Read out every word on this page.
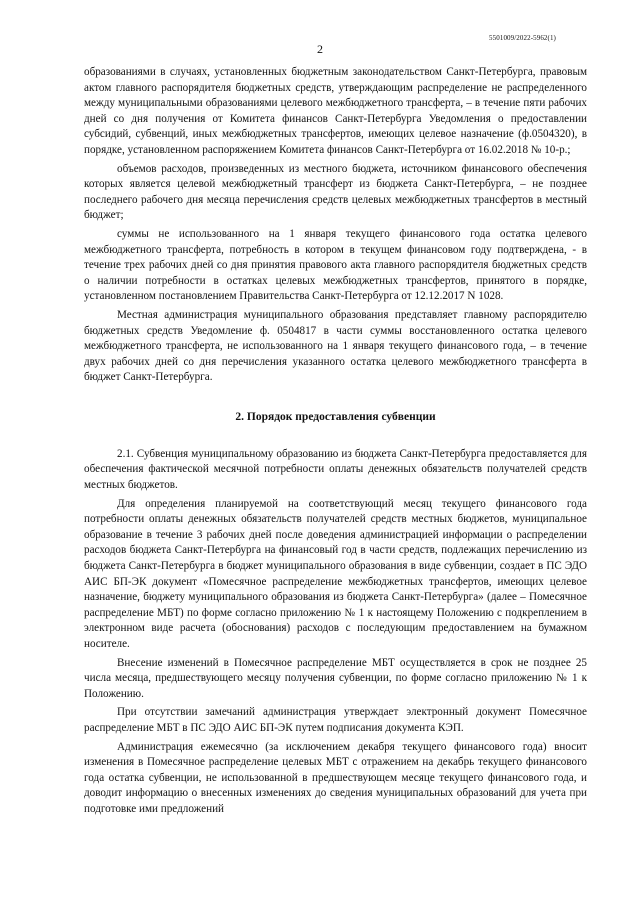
5501009/2022-5962(1)
2

образованиями в случаях, установленных бюджетным законодательством Санкт-Петербурга, правовым актом главного распорядителя бюджетных средств, утверждающим распределение не распределенного между муниципальными образованиями целевого межбюджетного трансферта, – в течение пяти рабочих дней со дня получения от Комитета финансов Санкт-Петербурга Уведомления о предоставлении субсидий, субвенций, иных межбюджетных трансфертов, имеющих целевое назначение (ф.0504320), в порядке, установленном распоряжением Комитета финансов Санкт-Петербурга от 16.02.2018 № 10-р.;

объемов расходов, произведенных из местного бюджета, источником финансового обеспечения которых является целевой межбюджетный трансферт из бюджета Санкт-Петербурга, – не позднее последнего рабочего дня месяца перечисления средств целевых межбюджетных трансфертов в местный бюджет;

суммы не использованного на 1 января текущего финансового года остатка целевого межбюджетного трансферта, потребность в котором в текущем финансовом году подтверждена, - в течение трех рабочих дней со дня принятия правового акта главного распорядителя бюджетных средств о наличии потребности в остатках целевых межбюджетных трансфертов, принятого в порядке, установленном постановлением Правительства Санкт-Петербурга от 12.12.2017 N 1028.

Местная администрация муниципального образования представляет главному распорядителю бюджетных средств Уведомление ф. 0504817 в части суммы восстановленного остатка целевого межбюджетного трансферта, не использованного на 1 января текущего финансового года, – в течение двух рабочих дней со дня перечисления указанного остатка целевого межбюджетного трансферта в бюджет Санкт-Петербурга.

2. Порядок предоставления субвенции

2.1. Субвенция муниципальному образованию из бюджета Санкт-Петербурга предоставляется для обеспечения фактической месячной потребности оплаты денежных обязательств получателей средств местных бюджетов.

Для определения планируемой на соответствующий месяц текущего финансового года потребности оплаты денежных обязательств получателей средств местных бюджетов, муниципальное образование в течение 3 рабочих дней после доведения администрацией информации о распределении расходов бюджета Санкт-Петербурга на финансовый год в части средств, подлежащих перечислению из бюджета Санкт-Петербурга в бюджет муниципального образования в виде субвенции, создает в ПС ЭДО АИС БП-ЭК документ «Помесячное распределение межбюджетных трансфертов, имеющих целевое назначение, бюджету муниципального образования из бюджета Санкт-Петербурга» (далее – Помесячное распределение МБТ) по форме согласно приложению № 1 к настоящему Положению с подкреплением в электронном виде расчета (обоснования) расходов с последующим предоставлением на бумажном носителе.

Внесение изменений в Помесячное распределение МБТ осуществляется в срок не позднее 25 числа месяца, предшествующего месяцу получения субвенции, по форме согласно приложению № 1 к Положению.

При отсутствии замечаний администрация утверждает электронный документ Помесячное распределение МБТ в ПС ЭДО АИС БП-ЭК путем подписания документа КЭП.

Администрация ежемесячно (за исключением декабря текущего финансового года) вносит изменения в Помесячное распределение целевых МБТ с отражением на декабрь текущего финансового года остатка субвенции, не использованной в предшествующем месяце текущего финансового года, и доводит информацию о внесенных изменениях до сведения муниципальных образований для учета при подготовке ими предложений
